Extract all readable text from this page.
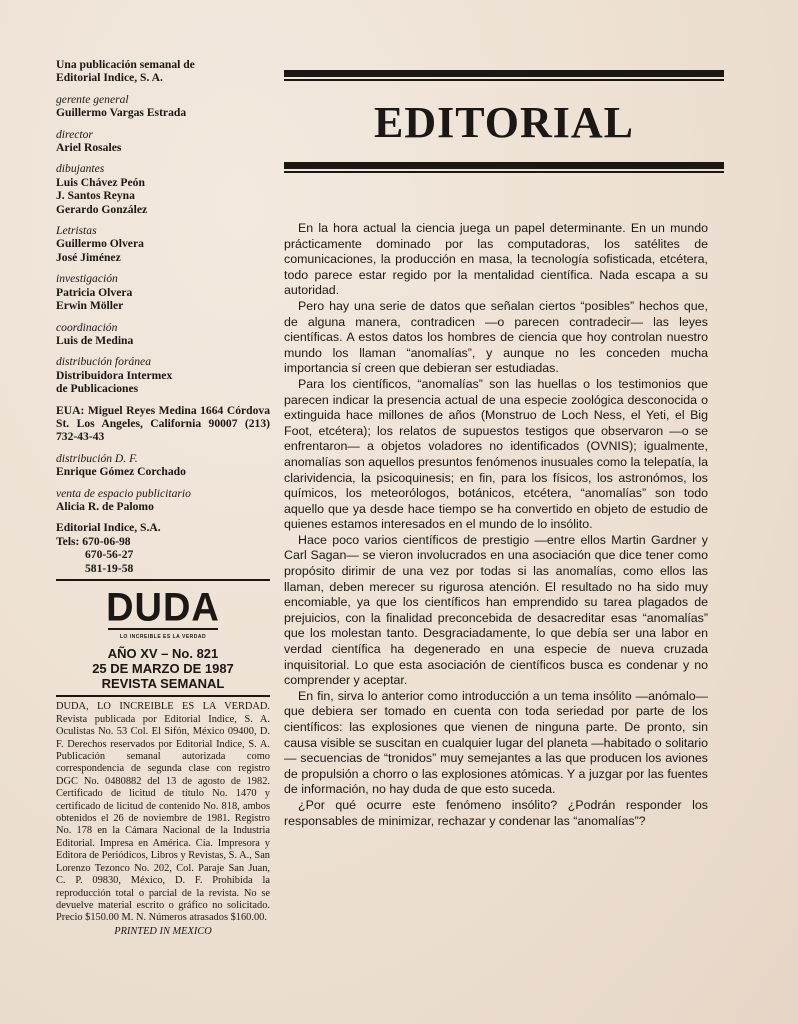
Una publicación semanal de
Editorial Indice, S. A.
gerente general
Guillermo Vargas Estrada
director
Ariel Rosales
dibujantes
Luis Chávez Peón
J. Santos Reyna
Gerardo González
Letristas
Guillermo Olvera
José Jiménez
investigación
Patricia Olvera
Erwin Möller
coordinación
Luis de Medina
distribución foránea
Distribuidora Intermex
de Publicaciones
EUA: Miguel Reyes Medina 1664 Córdova St. Los Angeles, California 90007 (213) 732-43-43
distribución D. F.
Enrique Gómez Corchado
venta de espacio publicitario
Alicia R. de Palomo
Editorial Indice, S.A.
Tels: 670-06-98
670-56-27
581-19-58
DUDA
LO INCREIBLE ES LA VERDAD
AÑO XV – No. 821
25 DE MARZO DE 1987
REVISTA SEMANAL
DUDA, LO INCREIBLE ES LA VERDAD. Revista publicada por Editorial Indice, S. A. Oculistas No. 53 Col. El Sifón, México 09400, D. F. Derechos reservados por Editorial Indice, S. A. Publicación semanal autorizada como correspondencia de segunda clase con registro DGC No. 0480882 del 13 de agosto de 1982. Certificado de licitud de título No. 1470 y certificado de licitud de contenido No. 818, ambos obtenidos el 26 de noviembre de 1981. Registro No. 178 en la Cámara Nacional de la Industria Editorial. Impresa en América. Cía. Impresora y Editora de Periódicos, Libros y Revistas, S. A., San Lorenzo Tezonco No. 202, Col. Paraje San Juan, C. P. 09830, México, D. F. Prohibida la reproducción total o parcial de la revista. No se devuelve material escrito o gráfico no solicitado. Precio $150.00 M. N. Números atrasados $160.00.
PRINTED IN MEXICO
EDITORIAL

En la hora actual la ciencia juega un papel determinante. En un mundo prácticamente dominado por las computadoras, los satélites de comunicaciones, la producción en masa, la tecnología sofisticada, etcétera, todo parece estar regido por la mentalidad científica. Nada escapa a su autoridad.

Pero hay una serie de datos que señalan ciertos “posibles” hechos que, de alguna manera, contradicen —o parecen contradecir— las leyes científicas. A estos datos los hombres de ciencia que hoy controlan nuestro mundo los llaman “anomalías”, y aunque no les conceden mucha importancia sí creen que debieran ser estudiadas.

Para los científicos, “anomalías” son las huellas o los testimonios que parecen indicar la presencia actual de una especie zoológica desconocida o extinguida hace millones de años (Monstruo de Loch Ness, el Yeti, el Big Foot, etcétera); los relatos de supuestos testigos que observaron —o se enfrentaron— a objetos voladores no identificados (OVNIS); igualmente, anomalías son aquellos presuntos fenómenos inusuales como la telepatía, la clarividencia, la psicoquinesis; en fin, para los físicos, los astronómos, los químicos, los meteorólogos, botánicos, etcétera, “anomalías” son todo aquello que ya desde hace tiempo se ha convertido en objeto de estudio de quienes estamos interesados en el mundo de lo insólito.

Hace poco varios científicos de prestigio —entre ellos Martin Gardner y Carl Sagan— se vieron involucrados en una asociación que dice tener como propósito dirimir de una vez por todas si las anomalías, como ellos las llaman, deben merecer su rigurosa atención. El resultado no ha sido muy encomiable, ya que los científicos han emprendido su tarea plagados de prejuicios, con la finalidad preconcebida de desacreditar esas “anomalías” que los molestan tanto. Desgraciadamente, lo que debía ser una labor en verdad científica ha degenerado en una especie de nueva cruzada inquisitorial. Lo que esta asociación de científicos busca es condenar y no comprender y aceptar.

En fin, sirva lo anterior como introducción a un tema insólito —anómalo— que debiera ser tomado en cuenta con toda seriedad por parte de los científicos: las explosiones que vienen de ninguna parte. De pronto, sin causa visible se suscitan en cualquier lugar del planeta —habitado o solitario— secuencias de “tronidos” muy semejantes a las que producen los aviones de propulsión a chorro o las explosiones atómicas. Y a juzgar por las fuentes de información, no hay duda de que esto suceda.

¿Por qué ocurre este fenómeno insólito? ¿Podrán responder los responsables de minimizar, rechazar y condenar las “anomalías”?
